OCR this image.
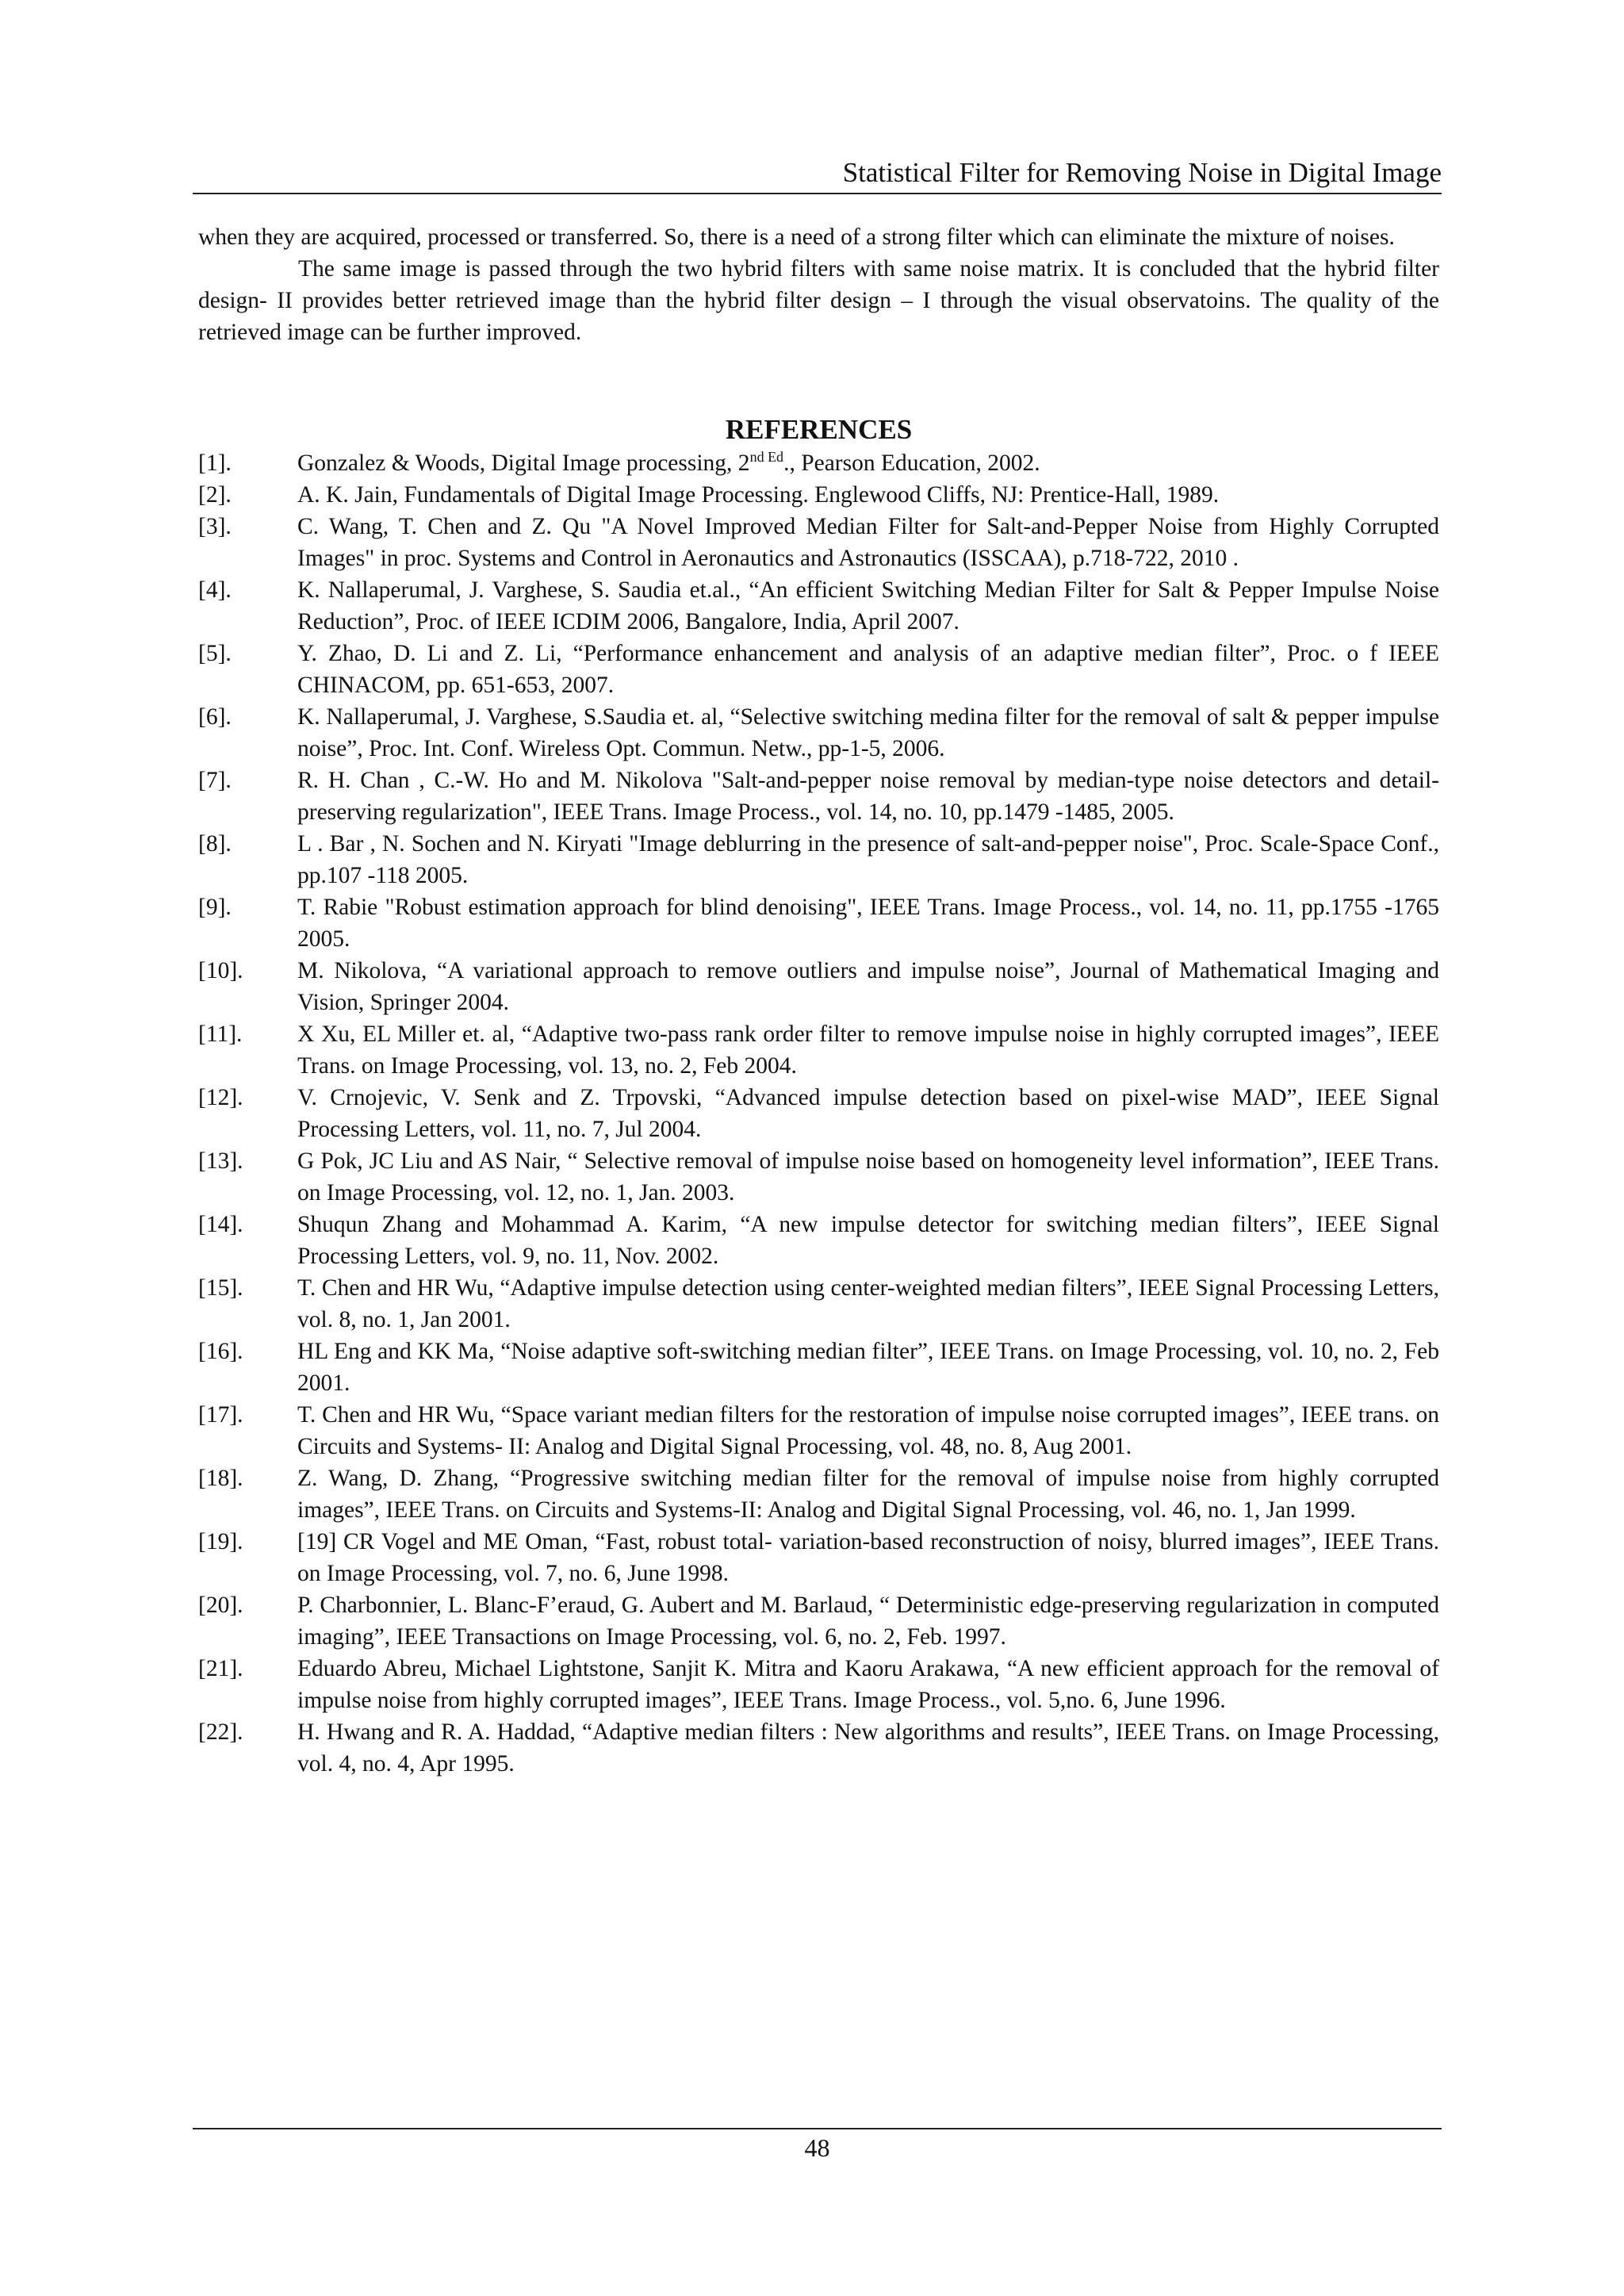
Statistical Filter for Removing Noise in Digital Image

when they are acquired, processed or transferred. So, there is a need of a strong filter which can eliminate the mixture of noises.

The same image is passed through the two hybrid filters with same noise matrix. It is concluded that the hybrid filter design- II provides better retrieved image than the hybrid filter design – I through the visual observatoins. The quality of the retrieved image can be further improved.

REFERENCES
[1].	Gonzalez & Woods, Digital Image processing, $2^{nd Ed}$., Pearson Education, 2002.
[2].	A. K. Jain, Fundamentals of Digital Image Processing. Englewood Cliffs, NJ: Prentice-Hall, 1989.
[3].	C. Wang, T. Chen and Z. Qu "A Novel Improved Median Filter for Salt-and-Pepper Noise from Highly Corrupted Images" in proc. Systems and Control in Aeronautics and Astronautics (ISSCAA), p.718-722, 2010 .
[4].	K. Nallaperumal, J. Varghese, S. Saudia et.al., “An efficient Switching Median Filter for Salt & Pepper Impulse Noise Reduction”, Proc. of IEEE ICDIM 2006, Bangalore, India, April 2007.
[5].	Y. Zhao, D. Li and Z. Li, “Performance enhancement and analysis of an adaptive median filter”, Proc. o f IEEE CHINACOM, pp. 651-653, 2007.
[6].	K. Nallaperumal, J. Varghese, S.Saudia et. al, “Selective switching medina filter for the removal of salt & pepper impulse noise”, Proc. Int. Conf. Wireless Opt. Commun. Netw., pp-1-5, 2006.
[7].	R. H. Chan , C.-W. Ho and M. Nikolova "Salt-and-pepper noise removal by median-type noise detectors and detail-preserving regularization", IEEE Trans. Image Process., vol. 14, no. 10, pp.1479 -1485, 2005.
[8].	L . Bar , N. Sochen and N. Kiryati "Image deblurring in the presence of salt-and-pepper noise", Proc. Scale-Space Conf., pp.107 -118 2005.
[9].	T. Rabie "Robust estimation approach for blind denoising", IEEE Trans. Image Process., vol. 14, no. 11, pp.1755 -1765 2005.
[10].	M. Nikolova, “A variational approach to remove outliers and impulse noise”, Journal of Mathematical Imaging and Vision, Springer 2004.
[11].	X Xu, EL Miller et. al, “Adaptive two-pass rank order filter to remove impulse noise in highly corrupted images”, IEEE Trans. on Image Processing, vol. 13, no. 2, Feb 2004.
[12].	V. Crnojevic, V. Senk and Z. Trpovski, “Advanced impulse detection based on pixel-wise MAD”, IEEE Signal Processing Letters, vol. 11, no. 7, Jul 2004.
[13].	G Pok, JC Liu and AS Nair, “ Selective removal of impulse noise based on homogeneity level information”, IEEE Trans. on Image Processing, vol. 12, no. 1, Jan. 2003.
[14].	Shuqun Zhang and Mohammad A. Karim, “A new impulse detector for switching median filters”, IEEE Signal Processing Letters, vol. 9, no. 11, Nov. 2002.
[15].	T. Chen and HR Wu, “Adaptive impulse detection using center-weighted median filters”, IEEE Signal Processing Letters, vol. 8, no. 1, Jan 2001.
[16].	HL Eng and KK Ma, “Noise adaptive soft-switching median filter”, IEEE Trans. on Image Processing, vol. 10, no. 2, Feb 2001.
[17].	T. Chen and HR Wu, “Space variant median filters for the restoration of impulse noise corrupted images”, IEEE trans. on Circuits and Systems- II: Analog and Digital Signal Processing, vol. 48, no. 8, Aug 2001.
[18].	Z. Wang, D. Zhang, “Progressive switching median filter for the removal of impulse noise from highly corrupted images”, IEEE Trans. on Circuits and Systems-II: Analog and Digital Signal Processing, vol. 46, no. 1, Jan 1999.
[19].	[19] CR Vogel and ME Oman, “Fast, robust total- variation-based reconstruction of noisy, blurred images”, IEEE Trans. on Image Processing, vol. 7, no. 6, June 1998.
[20].	P. Charbonnier, L. Blanc-F’eraud, G. Aubert and M. Barlaud, “ Deterministic edge-preserving regularization in computed imaging”, IEEE Transactions on Image Processing, vol. 6, no. 2, Feb. 1997.
[21].	Eduardo Abreu, Michael Lightstone, Sanjit K. Mitra and Kaoru Arakawa, “A new efficient approach for the removal of impulse noise from highly corrupted images”, IEEE Trans. Image Process., vol. 5,no. 6, June 1996.
[22].	H. Hwang and R. A. Haddad, “Adaptive median filters : New algorithms and results”, IEEE Trans. on Image Processing, vol. 4, no. 4, Apr 1995.
48
